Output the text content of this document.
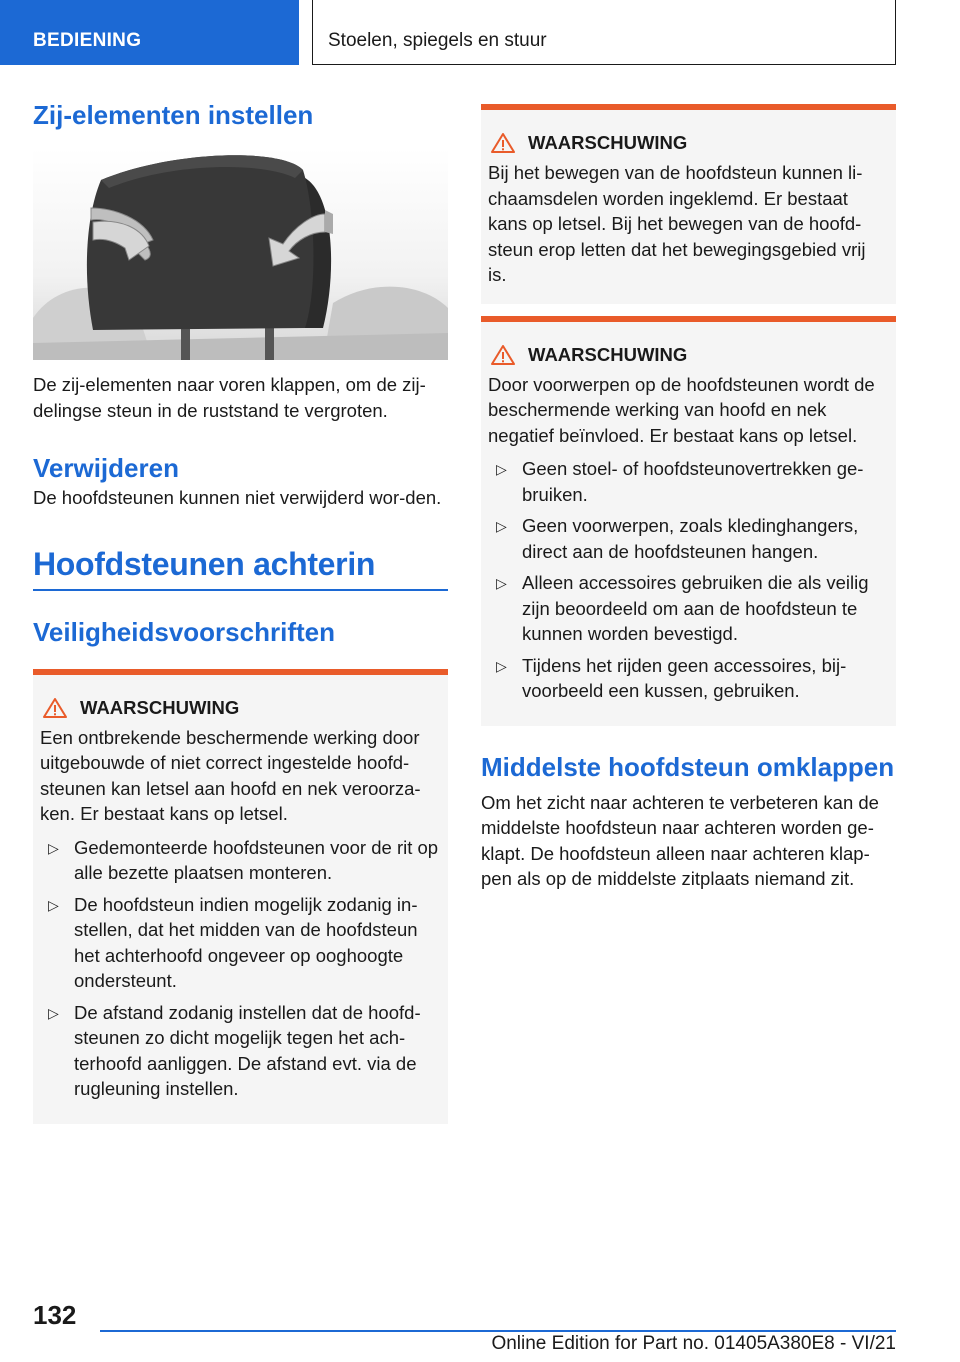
BEDIENING	Stoelen, spiegels en stuur
Zij-elementen instellen

De zij-elementen naar voren klappen, om de zij-delingse steun in de ruststand te vergroten.

Verwijderen

De hoofdsteunen kunnen niet verwijderd wor-den.

Hoofdsteunen achterin
Veiligheidsvoorschriften
WAARSCHUWING

Een ontbrekende beschermende werking door uitgebouwde of niet correct ingestelde hoofd-steunen kan letsel aan hoofd en nek veroorza-ken. Er bestaat kans op letsel.

▷ Gedemonteerde hoofdsteunen voor de rit op alle bezette plaatsen monteren.
▷ De hoofdsteun indien mogelijk zodanig in-stellen, dat het midden van de hoofdsteun het achterhoofd ongeveer op ooghoogte ondersteunt.
▷ De afstand zodanig instellen dat de hoofd-steunen zo dicht mogelijk tegen het ach-terhoofd aanliggen. De afstand evt. via de rugleuning instellen.
WAARSCHUWING

Bij het bewegen van de hoofdsteun kunnen li-chaamsdelen worden ingeklemd. Er bestaat kans op letsel. Bij het bewegen van de hoofd-steun erop letten dat het bewegingsgebied vrij is.

WAARSCHUWING

Door voorwerpen op de hoofdsteunen wordt de beschermende werking van hoofd en nek negatief beïnvloed. Er bestaat kans op letsel.

▷ Geen stoel- of hoofdsteunovertrekken ge-bruiken.
▷ Geen voorwerpen, zoals kledinghangers, direct aan de hoofdsteunen hangen.
▷ Alleen accessoires gebruiken die als veilig zijn beoordeeld om aan de hoofdsteun te kunnen worden bevestigd.
▷ Tijdens het rijden geen accessoires, bij-voorbeeld een kussen, gebruiken.
Middelste hoofdsteun omklappen

Om het zicht naar achteren te verbeteren kan de middelste hoofdsteun naar achteren worden ge-klapt. De hoofdsteun alleen naar achteren klap-pen als op de middelste zitplaats niemand zit.

132
Online Edition for Part no. 01405A380E8 - VI/21
